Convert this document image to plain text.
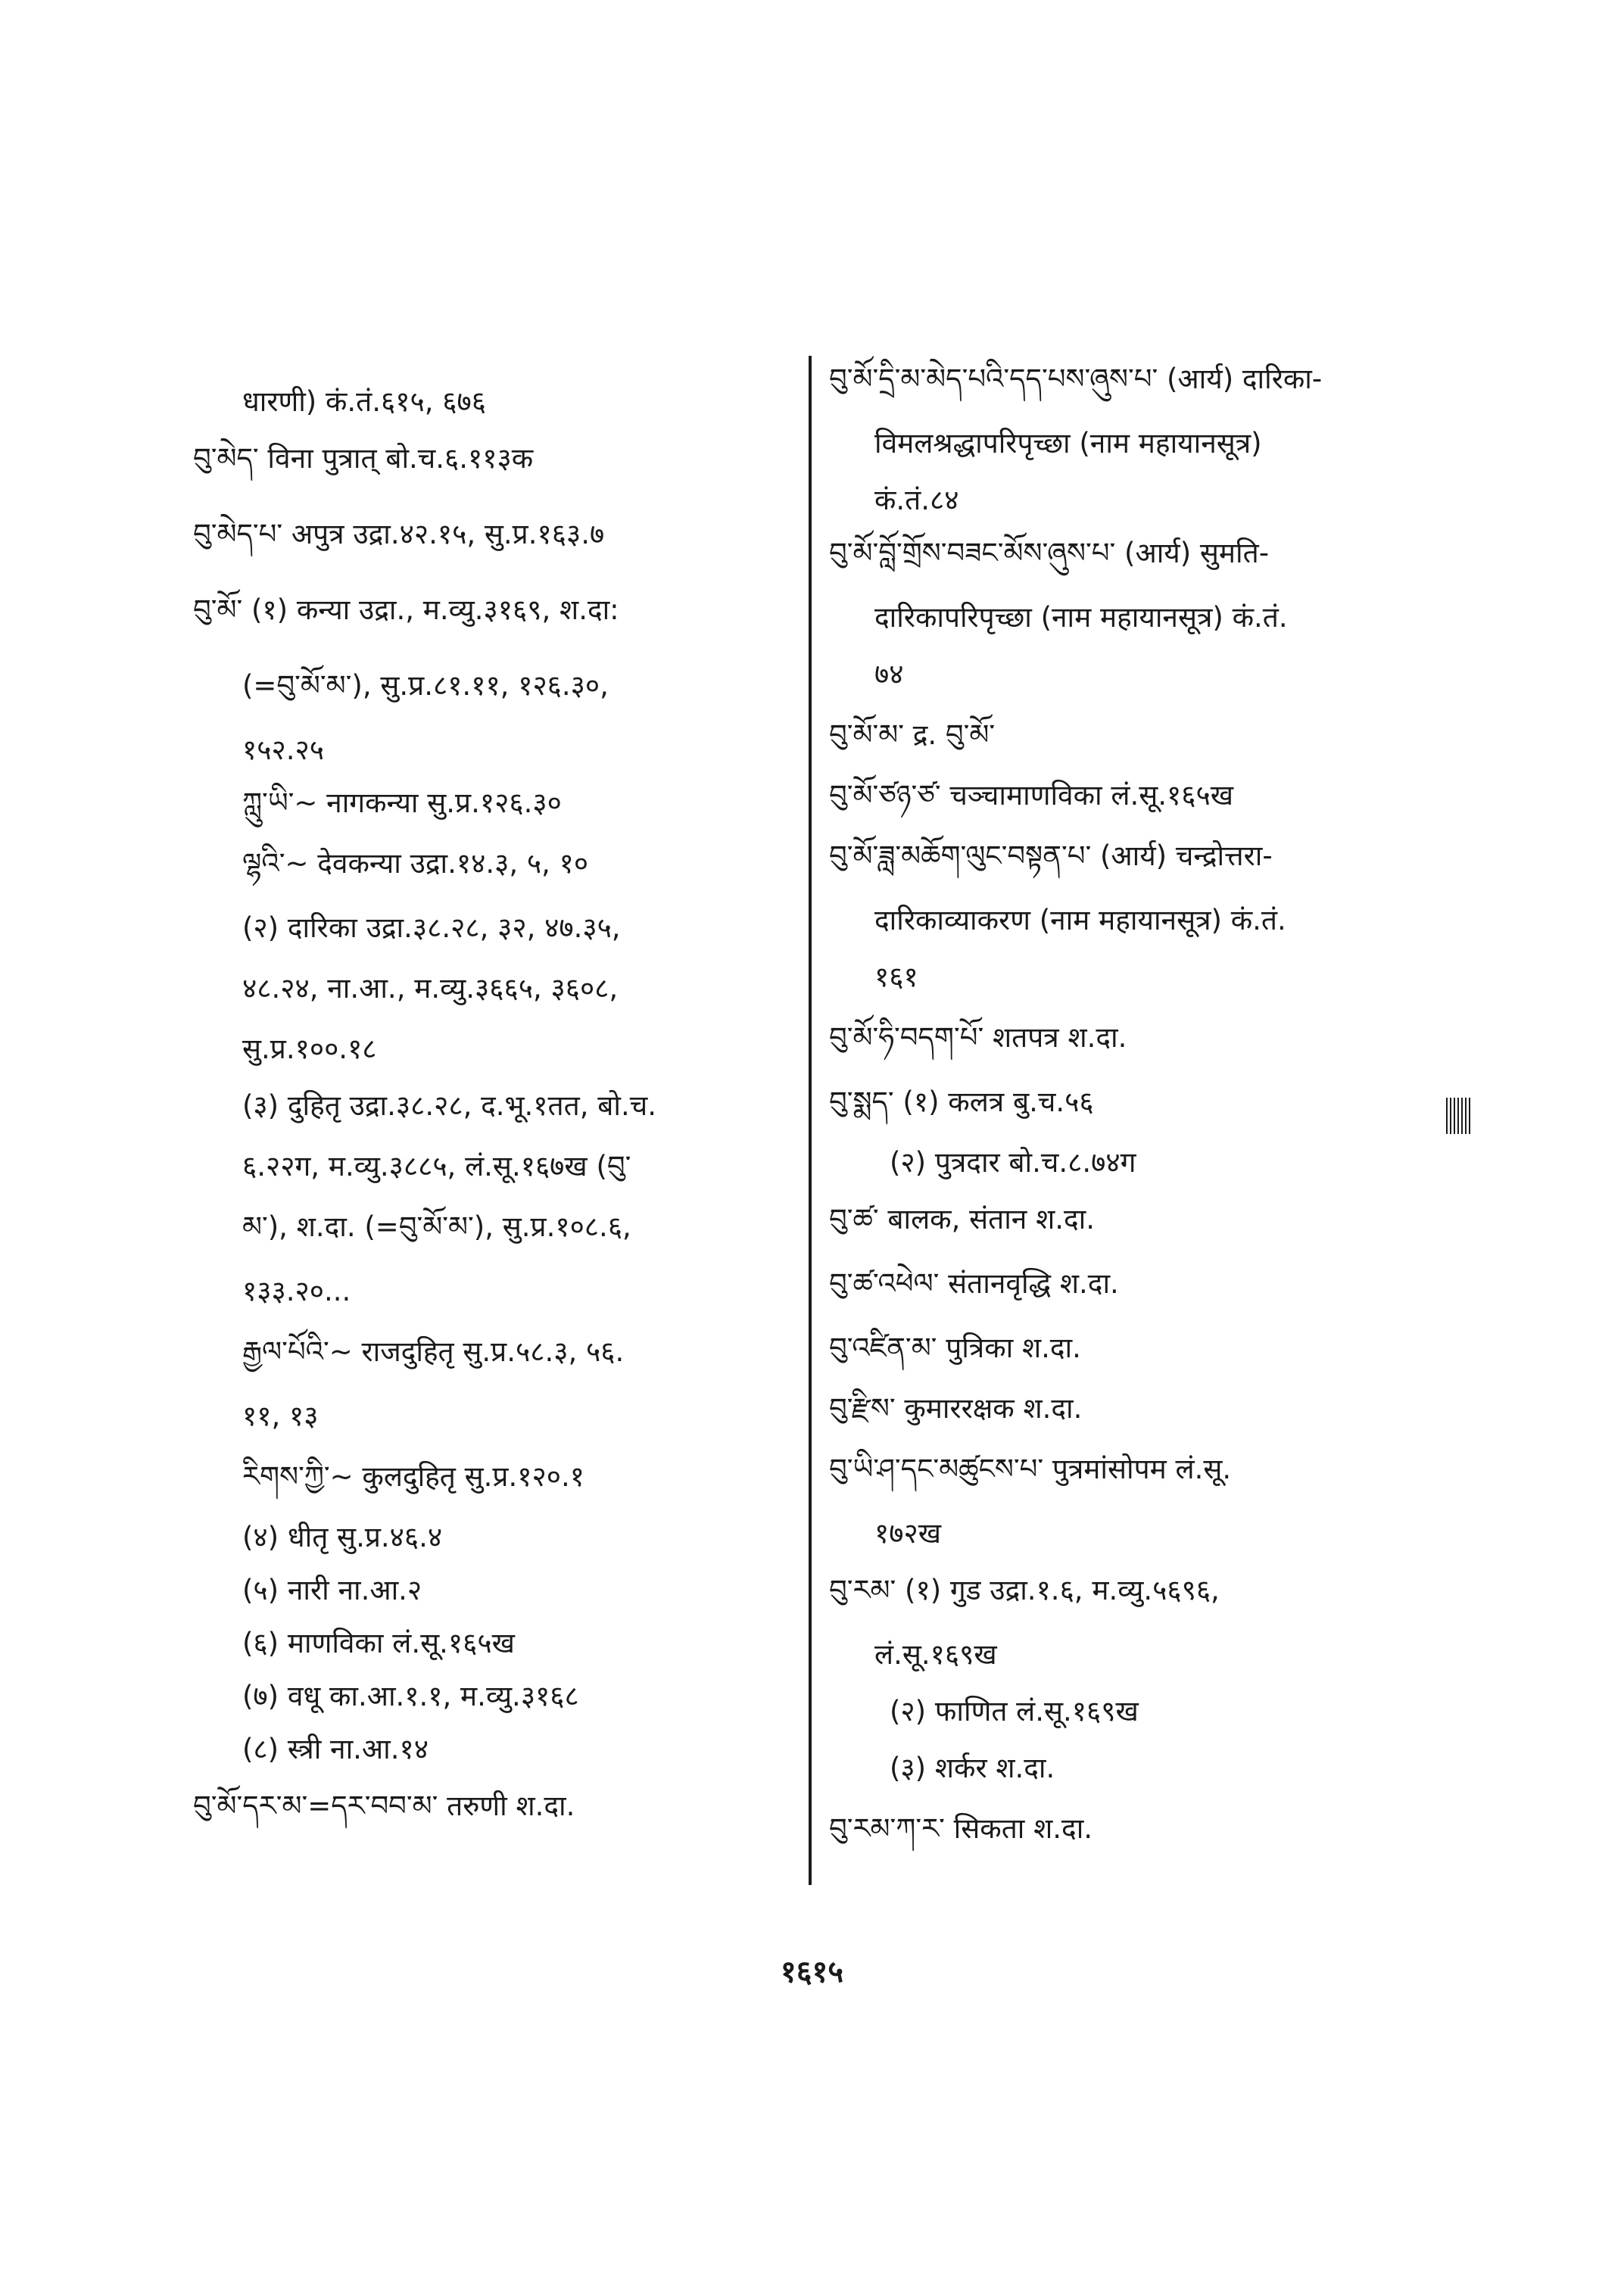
धारणी) कं.तं.६१५, ६७६
བུ་མེད་ विना पुत्रात् बो.च.६.११३क
བུ་མེད་པ་ अपुत्र उद्रा.४२.१५, सु.प्र.१६३.७
བུ་མོ་ (१) कन्या उद्रा., म.व्यु.३१६९, श.दा:
(=བུ་མོ་མ་), सु.प्र.८१.११, १२६.३०,
१५२.२५
ཀླུ་ཡི་~ नागकन्या सु.प्र.१२६.३०
ལྷའི་~ देवकन्या उद्रा.१४.३, ५, १०
(२) दारिका उद्रा.३८.२८, ३२, ४७.३५,
४८.२४, ना.आ., म.व्यु.३६६५, ३६०८,
सु.प्र.१००.१८
(३) दुहितृ उद्रा.३८.२८, द.भू.१तत, बो.च.
६.२२ग, म.व्यु.३८८५, लं.सू.१६७ख (བུ་
མ་), श.दा. (=བུ་མོ་མ་), सु.प्र.१०८.६,
१३३.२०...
རྒྱལ་པོའི་~ राजदुहितृ सु.प्र.५८.३, ५६.
११, १३
རིགས་ཀྱི་~ कुलदुहितृ सु.प्र.१२०.१
(४) धीतृ सु.प्र.४६.४
(५) नारी ना.आ.२
(६) माणविका लं.सू.१६५ख
(७) वधू का.आ.१.१, म.व्यु.३१६८
(८) स्त्री ना.आ.१४
བུ་མོ་དར་མ་=དར་བབ་མ་ तरुणी श.दा.
བུ་མོ་དྲི་མ་མེད་པའི་དད་པས་ཞུས་པ་ (आर्य) दारिका-
विमलश्रद्धापरिपृच्छा (नाम महायानसूत्र)
कं.तं.८४
བུ་མོ་བློ་གྲོས་བཟང་མོས་ཞུས་པ་ (आर्य) सुमति-
दारिकापरिपृच्छा (नाम महायानसूत्र) कं.तं.
७४
བུ་མོ་མ་ द्र. བུ་མོ་
བུ་མོ་ཙཉ་ཙ་ चञ्चामाणविका लं.सू.१६५ख
བུ་མོ་ཟླ་མཆོག་ལུང་བསྟན་པ་ (आर्य) चन्द्रोत्तरा-
दारिकाव्याकरण (नाम महायानसूत्र) कं.तं.
१६१
བུ་མོ་ཧི་བདག་པོ་ शतपत्र श.दा.
བུ་སྨད་ (१) कलत्र बु.च.५६
(२) पुत्रदार बो.च.८.७४ग
བུ་ཚ་ बालक, संतान श.दा.
བུ་ཚ་འཕེལ་ संतानवृद्धि श.दा.
བུ་འཛིན་མ་ पुत्रिका श.दा.
བུ་རྫིས་ कुमाररक्षक श.दा.
བུ་ཡི་ཤ་དང་མཚུངས་པ་ पुत्रमांसोपम लं.सू.
१७२ख
བུ་རམ་ (१) गुड उद्रा.१.६, म.व्यु.५६९६,
लं.सू.१६९ख
(२) फाणित लं.सू.१६९ख
(३) शर्कर श.दा.
བུ་རམ་ཀ་ར་ सिकता श.दा.
१६१५
